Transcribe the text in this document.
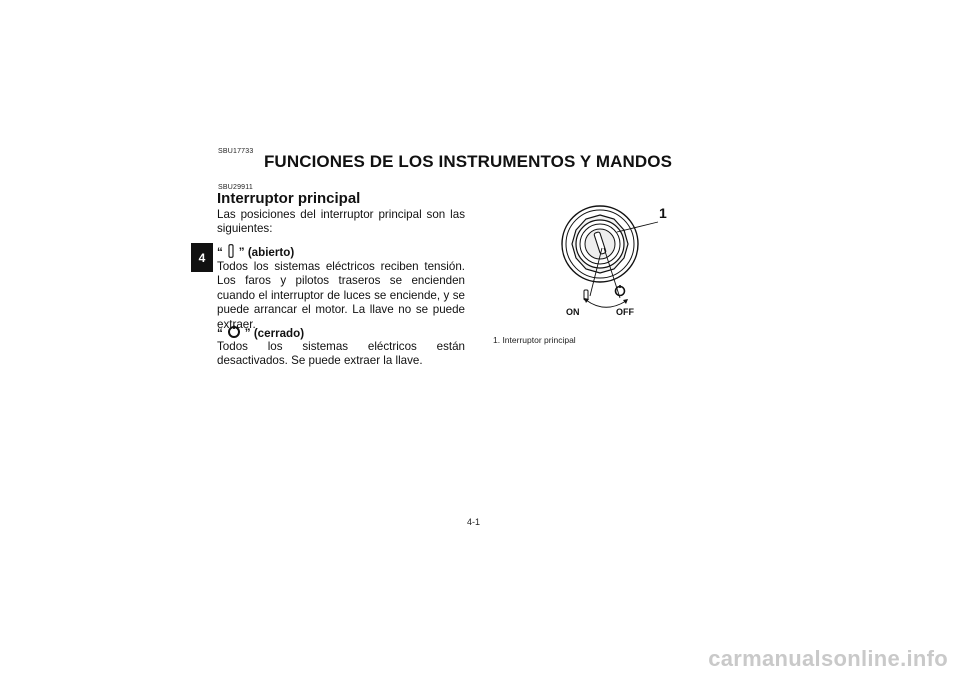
SBU17733
FUNCIONES DE LOS INSTRUMENTOS Y MANDOS
4
SBU29911
Interruptor principal
Las posiciones del interruptor principal son las siguientes:
“ ” (abierto)
Todos los sistemas eléctricos reciben tensión. Los faros y pilotos traseros se encienden cuando el interruptor de luces se enciende, y se puede arrancar el motor. La llave no se puede extraer.
“ ” (cerrado)
Todos los sistemas eléctricos están desactivados. Se puede extraer la llave.
1
ON	OFF
1. Interruptor principal
4-1
carmanualsonline.info
